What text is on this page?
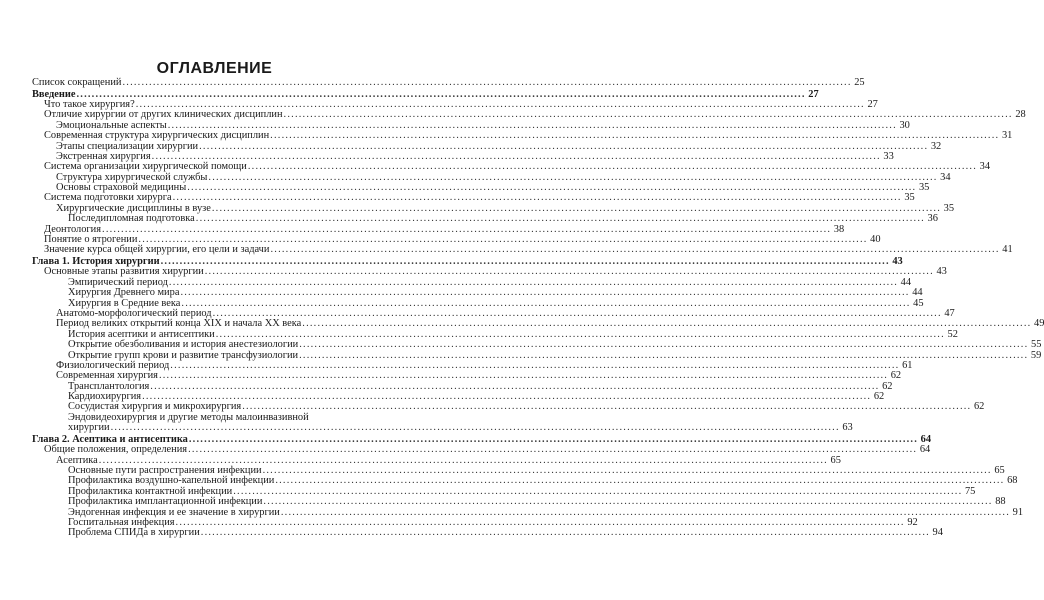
ОГЛАВЛЕНИЕ
Список сокращений .....	25
Введение .....	27
Что такое хирургия? .....	27
Отличие хирургии от других клинических дисциплин .....	28
Эмоциональные аспекты .....	30
Современная структура хирургических дисциплин .....	31
Этапы специализации хирургии .....	32
Экстренная хирургия .....	33
Система организации хирургической помощи .....	34
Структура хирургической службы .....	34
Основы страховой медицины .....	35
Система подготовки хирурга .....	35
Хирургические дисциплины в вузе .....	35
Последипломная подготовка .....	36
Деонтология .....	38
Понятие о ятрогении .....	40
Значение курса общей хирургии, его цели и задачи .....	41
Глава 1. История хирургии .....	43
Основные этапы развития хирургии .....	43
Эмпирический период .....	44
Хирургия Древнего мира .....	44
Хирургия в Средние века .....	45
Анатомо-морфологический период .....	47
Период великих открытий конца XIX и начала XX века .....	49
История асептики и антисептики .....	52
Открытие обезболивания и история анестезиологии .....	55
Открытие групп крови и развитие трансфузиологии .....	59
Физиологический период .....	61
Современная хирургия .....	62
Трансплантология .....	62
Кардиохирургия .....	62
Сосудистая хирургия и микрохирургия .....	62
Эндовидеохирургия и другие методы малоинвазивной
хирургии .....	63
Глава 2. Асептика и антисептика .....	64
Общие положения, определения .....	64
Асептика .....	65
Основные пути распространения инфекции .....	65
Профилактика воздушно-капельной инфекции .....	68
Профилактика контактной инфекции .....	75
Профилактика имплантационной инфекции .....	88
Эндогенная инфекция и ее значение в хирургии .....	91
Госпитальная инфекция .....	92
Проблема СПИДа в хирургии .....	94
